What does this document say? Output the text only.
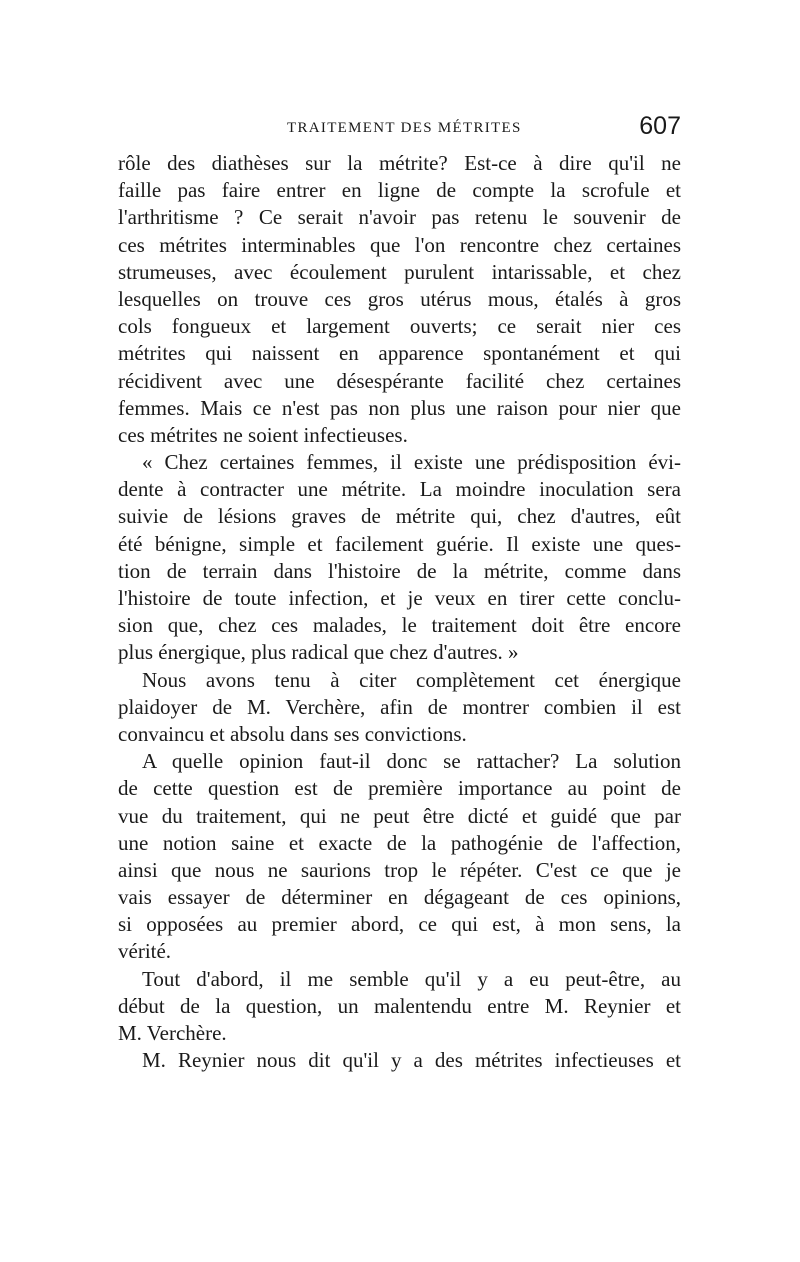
TRAITEMENT DES MÉTRITES	607
rôle des diathèses sur la métrite? Est-ce à dire qu'il ne
faille pas faire entrer en ligne de compte la scrofule et
l'arthritisme ? Ce serait n'avoir pas retenu le souvenir de
ces métrites interminables que l'on rencontre chez certaines
strumeuses, avec écoulement purulent intarissable, et chez
lesquelles on trouve ces gros utérus mous, étalés à gros
cols fongueux et largement ouverts; ce serait nier ces
métrites qui naissent en apparence spontanément et qui
récidivent avec une désespérante facilité chez certaines
femmes. Mais ce n'est pas non plus une raison pour nier que
ces métrites ne soient infectieuses.
« Chez certaines femmes, il existe une prédisposition évi-
dente à contracter une métrite. La moindre inoculation sera
suivie de lésions graves de métrite qui, chez d'autres, eût
été bénigne, simple et facilement guérie. Il existe une ques-
tion de terrain dans l'histoire de la métrite, comme dans
l'histoire de toute infection, et je veux en tirer cette conclu-
sion que, chez ces malades, le traitement doit être encore
plus énergique, plus radical que chez d'autres. »
Nous avons tenu à citer complètement cet énergique
plaidoyer de M. Verchère, afin de montrer combien il est
convaincu et absolu dans ses convictions.
A quelle opinion faut-il donc se rattacher? La solution
de cette question est de première importance au point de
vue du traitement, qui ne peut être dicté et guidé que par
une notion saine et exacte de la pathogénie de l'affection,
ainsi que nous ne saurions trop le répéter. C'est ce que je
vais essayer de déterminer en dégageant de ces opinions,
si opposées au premier abord, ce qui est, à mon sens, la
vérité.
Tout d'abord, il me semble qu'il y a eu peut-être, au
début de la question, un malentendu entre M. Reynier et
M. Verchère.
M. Reynier nous dit qu'il y a des métrites infectieuses et
